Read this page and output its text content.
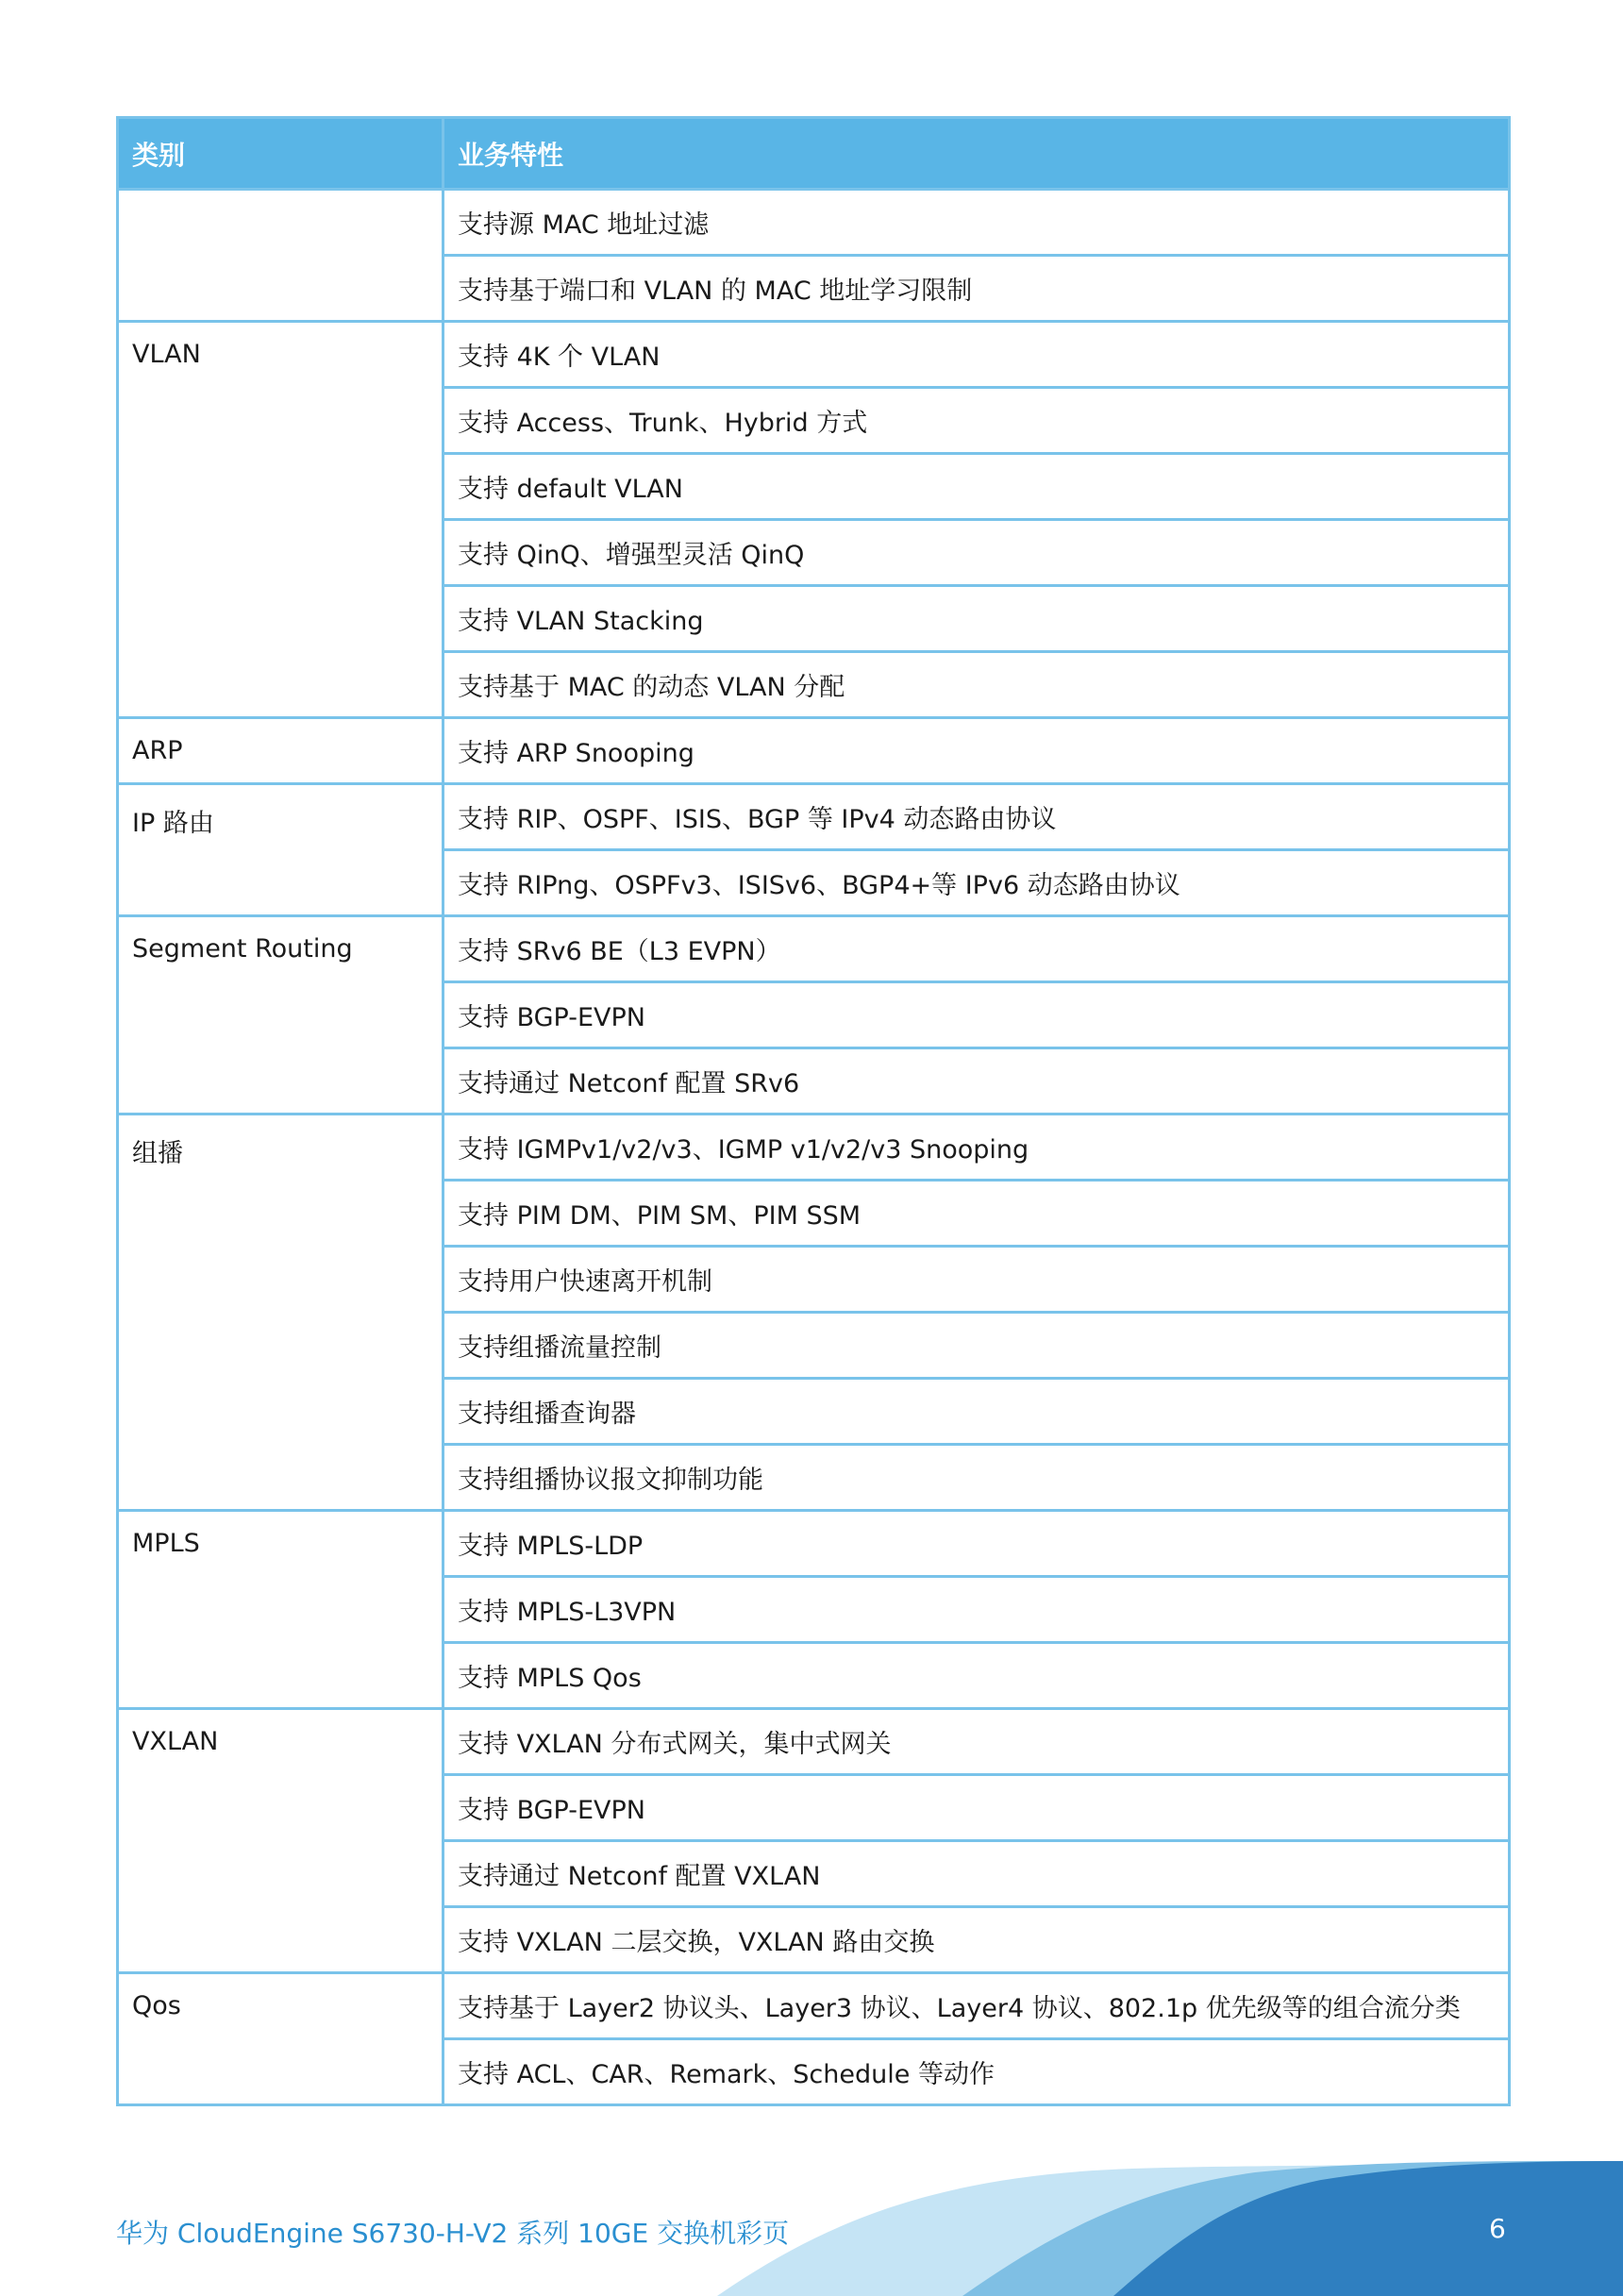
类别	业务特性
	支持源 MAC 地址过滤
	支持基于端口和 VLAN 的 MAC 地址学习限制
VLAN	支持 4K 个 VLAN
	支持 Access、Trunk、Hybrid 方式
	支持 default VLAN
	支持 QinQ、增强型灵活 QinQ
	支持 VLAN Stacking
	支持基于 MAC 的动态 VLAN 分配
ARP	支持 ARP Snooping
IP 路由	支持 RIP、OSPF、ISIS、BGP 等 IPv4 动态路由协议
	支持 RIPng、OSPFv3、ISISv6、BGP4+等 IPv6 动态路由协议
Segment Routing	支持 SRv6 BE（L3 EVPN）
	支持 BGP-EVPN
	支持通过 Netconf 配置 SRv6
组播	支持 IGMPv1/v2/v3、IGMP v1/v2/v3 Snooping
	支持 PIM DM、PIM SM、PIM SSM
	支持用户快速离开机制
	支持组播流量控制
	支持组播查询器
	支持组播协议报文抑制功能
MPLS	支持 MPLS-LDP
	支持 MPLS-L3VPN
	支持 MPLS Qos
VXLAN	支持 VXLAN 分布式网关，集中式网关
	支持 BGP-EVPN
	支持通过 Netconf 配置 VXLAN
	支持 VXLAN 二层交换，VXLAN 路由交换
Qos	支持基于 Layer2 协议头、Layer3 协议、Layer4 协议、802.1p 优先级等的组合流分类
	支持 ACL、CAR、Remark、Schedule 等动作
华为 CloudEngine S6730-H-V2 系列 10GE 交换机彩页	6
